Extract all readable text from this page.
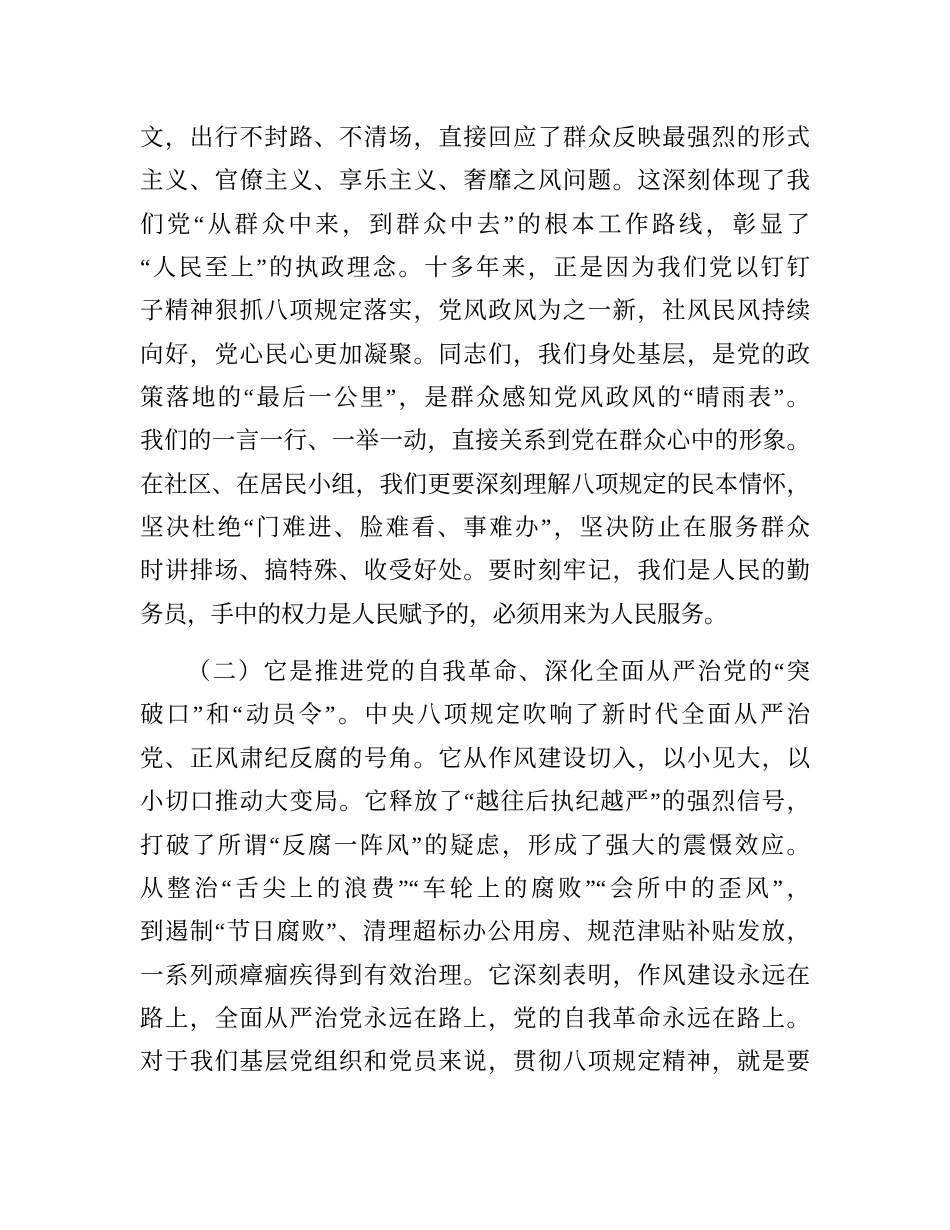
文，出行不封路、不清场，直接回应了群众反映最强烈的形式
主义、官僚主义、享乐主义、奢靡之风问题。这深刻体现了我
们党“从群众中来，到群众中去”的根本工作路线，彰显了
“人民至上”的执政理念。十多年来，正是因为我们党以钉钉
子精神狠抓八项规定落实，党风政风为之一新，社风民风持续
向好，党心民心更加凝聚。同志们，我们身处基层，是党的政
策落地的“最后一公里”，是群众感知党风政风的“晴雨表”。
我们的一言一行、一举一动，直接关系到党在群众心中的形象。
在社区、在居民小组，我们更要深刻理解八项规定的民本情怀，
坚决杜绝“门难进、脸难看、事难办”，坚决防止在服务群众
时讲排场、搞特殊、收受好处。要时刻牢记，我们是人民的勤
务员，手中的权力是人民赋予的，必须用来为人民服务。
（二）它是推进党的自我革命、深化全面从严治党的“突
破口”和“动员令”。中央八项规定吹响了新时代全面从严治
党、正风肃纪反腐的号角。它从作风建设切入，以小见大，以
小切口推动大变局。它释放了“越往后执纪越严”的强烈信号，
打破了所谓“反腐一阵风”的疑虑，形成了强大的震慑效应。
从整治“舌尖上的浪费”“车轮上的腐败”“会所中的歪风”，
到遏制“节日腐败”、清理超标办公用房、规范津贴补贴发放，
一系列顽瘴痼疾得到有效治理。它深刻表明，作风建设永远在
路上，全面从严治党永远在路上，党的自我革命永远在路上。
对于我们基层党组织和党员来说，贯彻八项规定精神，就是要
